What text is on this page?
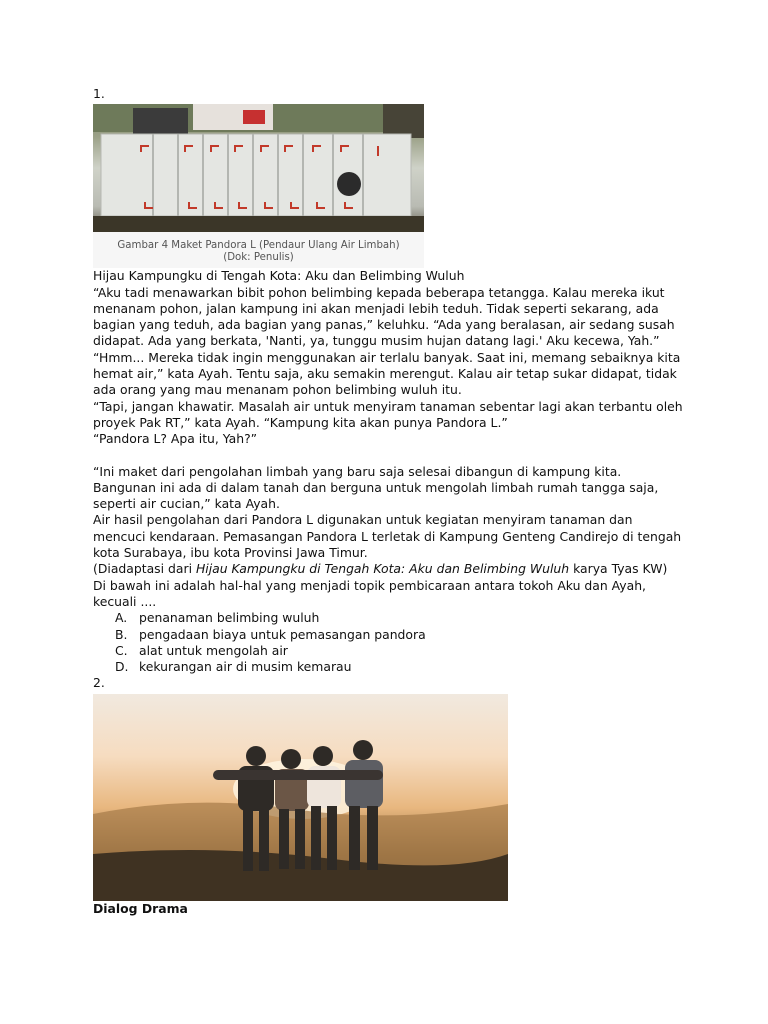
1.

Gambar 4 Maket Pandora L (Pendaur Ulang Air Limbah)
(Dok: Penulis)

Hijau Kampungku di Tengah Kota: Aku dan Belimbing Wuluh

“Aku tadi menawarkan bibit pohon belimbing kepada beberapa tetangga. Kalau mereka ikut menanam pohon, jalan kampung ini akan menjadi lebih teduh. Tidak seperti sekarang, ada bagian yang teduh, ada bagian yang panas,” keluhku. “Ada yang beralasan, air sedang susah didapat. Ada yang berkata, 'Nanti, ya, tunggu musim hujan datang lagi.' Aku kecewa, Yah.”

“Hmm... Mereka tidak ingin menggunakan air terlalu banyak. Saat ini, memang sebaiknya kita hemat air,” kata Ayah. Tentu saja, aku semakin merengut. Kalau air tetap sukar didapat, tidak ada orang yang mau menanam pohon belimbing wuluh itu.

“Tapi, jangan khawatir. Masalah air untuk menyiram tanaman sebentar lagi akan terbantu oleh proyek Pak RT,” kata Ayah. “Kampung kita akan punya Pandora L.”

“Pandora L? Apa itu, Yah?”

“Ini maket dari pengolahan limbah yang baru saja selesai dibangun di kampung kita. Bangunan ini ada di dalam tanah dan berguna untuk mengolah limbah rumah tangga saja, seperti air cucian,” kata Ayah.

Air hasil pengolahan dari Pandora L digunakan untuk kegiatan menyiram tanaman dan mencuci kendaraan. Pemasangan Pandora L terletak di Kampung Genteng Candirejo di tengah kota Surabaya, ibu kota Provinsi Jawa Timur.

(Diadaptasi dari Hijau Kampungku di Tengah Kota: Aku dan Belimbing Wuluh karya Tyas KW)

Di bawah ini adalah hal-hal yang menjadi topik pembicaraan antara tokoh Aku dan Ayah, kecuali ....

A. penanaman belimbing wuluh
B. pengadaan biaya untuk pemasangan pandora
C. alat untuk mengolah air
D. kekurangan air di musim kemarau

2.

Dialog Drama
